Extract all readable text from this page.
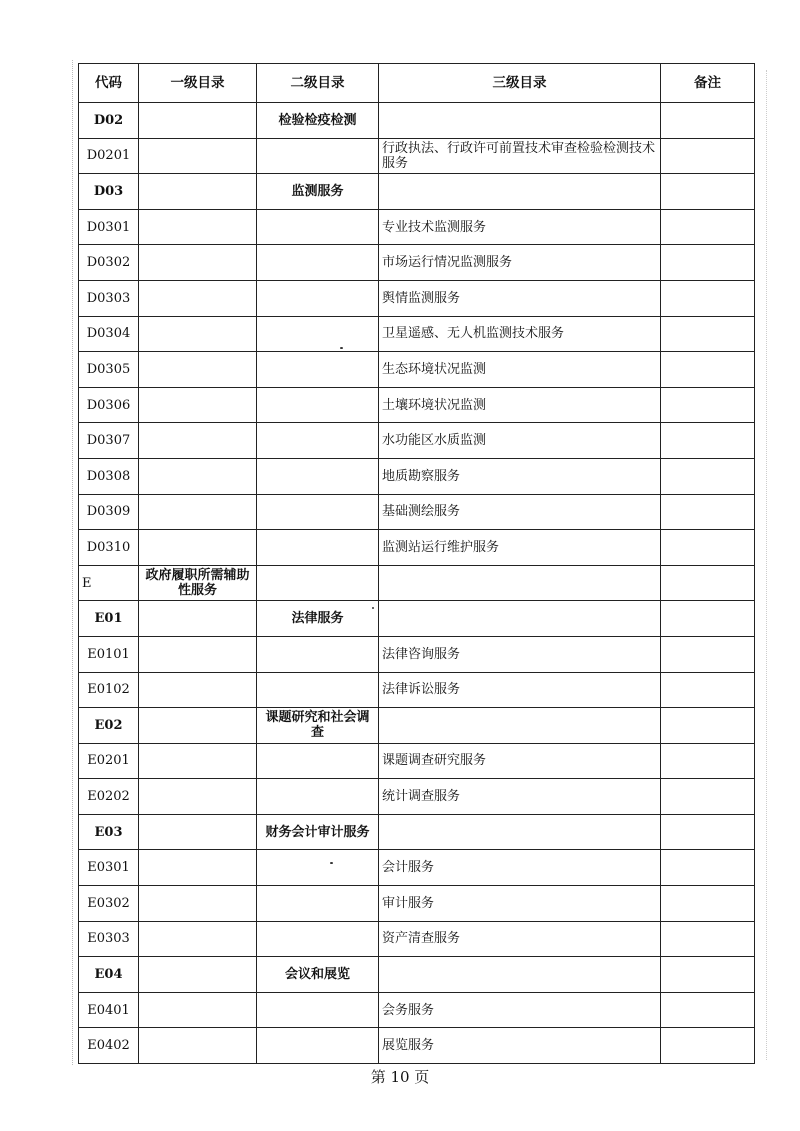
代码	一级目录	二级目录	三级目录	备注
D02		检验检疫检测		
D0201			行政执法、行政许可前置技术审查检验检测技术服务	
D03		监测服务		
D0301			专业技术监测服务	
D0302			市场运行情况监测服务	
D0303			舆情监测服务	
D0304			卫星遥感、无人机监测技术服务	
D0305			生态环境状况监测	
D0306			土壤环境状况监测	
D0307			水功能区水质监测	
D0308			地质勘察服务	
D0309			基础测绘服务	
D0310			监测站运行维护服务	
E	政府履职所需辅助性服务			
E01		法律服务		
E0101			法律咨询服务	
E0102			法律诉讼服务	
E02		课题研究和社会调查		
E0201			课题调查研究服务	
E0202			统计调查服务	
E03		财务会计审计服务		
E0301			会计服务	
E0302			审计服务	
E0303			资产清查服务	
E04		会议和展览		
E0401			会务服务	
E0402			展览服务	
第 10 页
